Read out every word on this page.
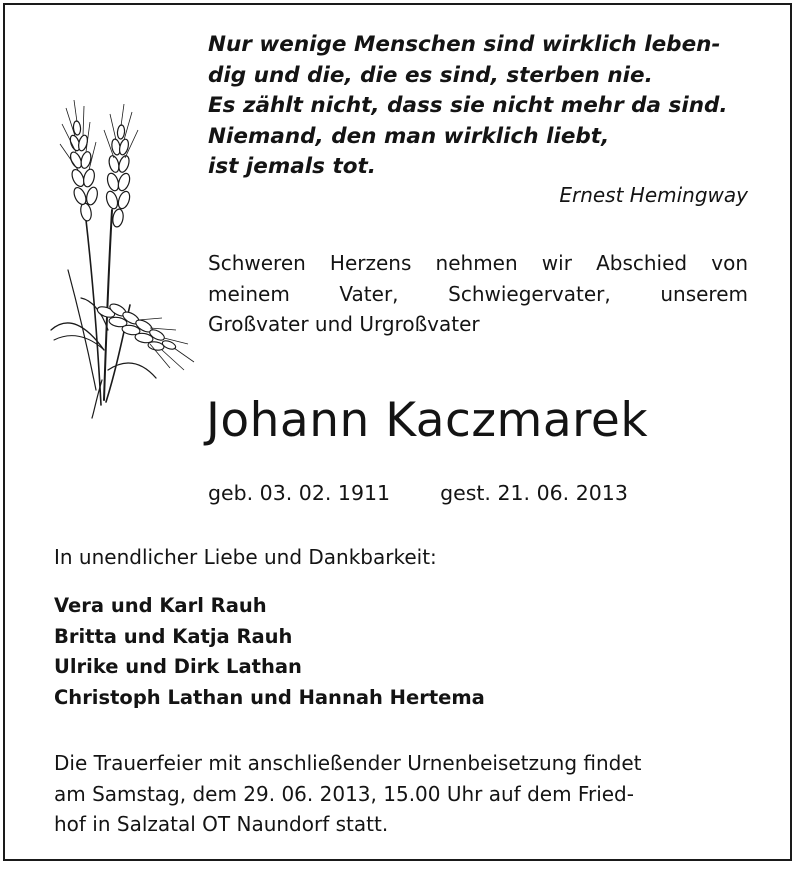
Nur wenige Menschen sind wirklich leben-
dig und die, die es sind, sterben nie.
Es zählt nicht, dass sie nicht mehr da sind.
Niemand, den man wirklich liebt,
ist jemals tot.
Ernest Hemingway
Schweren Herzens nehmen wir Abschied von
meinem Vater, Schwiegervater, unserem
Großvater und Urgroßvater
Johann Kaczmarek
geb. 03. 02. 1911 gest. 21. 06. 2013
In unendlicher Liebe und Dankbarkeit:
Vera und Karl Rauh
Britta und Katja Rauh
Ulrike und Dirk Lathan
Christoph Lathan und Hannah Hertema
Die Trauerfeier mit anschließender Urnenbeisetzung findet
am Samstag, dem 29. 06. 2013, 15.00 Uhr auf dem Fried-
hof in Salzatal OT Naundorf statt.
